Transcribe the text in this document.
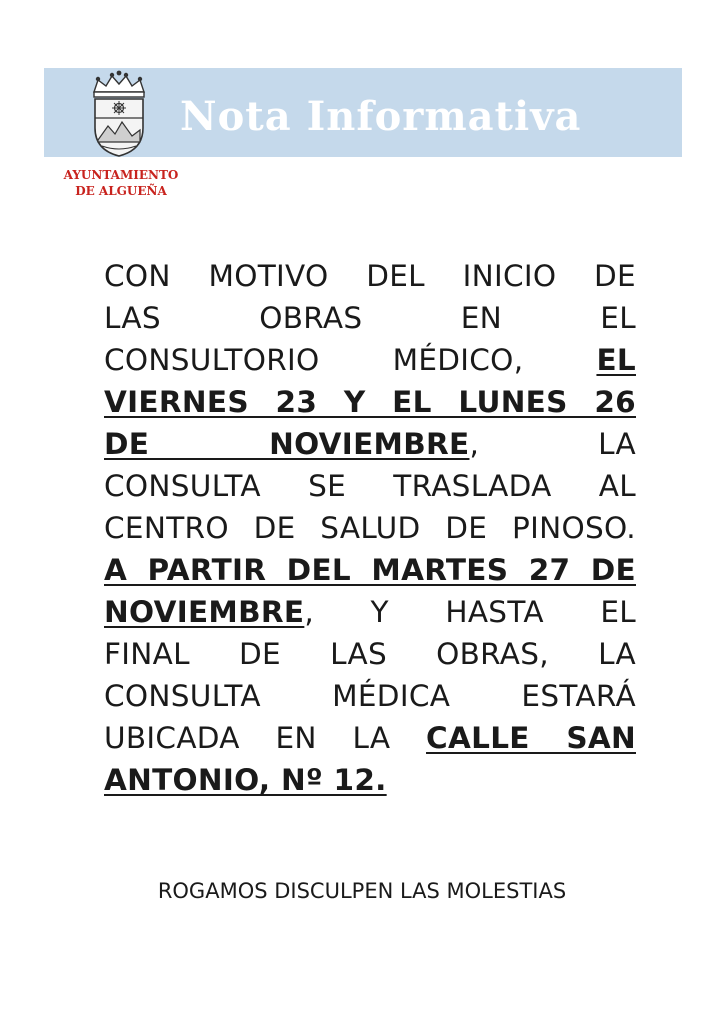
Nota Informativa
AYUNTAMIENTO
DE ALGUEÑA
CON MOTIVO DEL INICIO DE
LAS OBRAS EN EL
CONSULTORIO MÉDICO, EL
VIERNES 23 Y EL LUNES 26
DE NOVIEMBRE, LA
CONSULTA SE TRASLADA AL
CENTRO DE SALUD DE PINOSO.
A PARTIR DEL MARTES 27 DE
NOVIEMBRE, Y HASTA EL
FINAL DE LAS OBRAS, LA
CONSULTA MÉDICA ESTARÁ
UBICADA EN LA CALLE SAN
ANTONIO, Nº 12.
ROGAMOS DISCULPEN LAS MOLESTIAS
